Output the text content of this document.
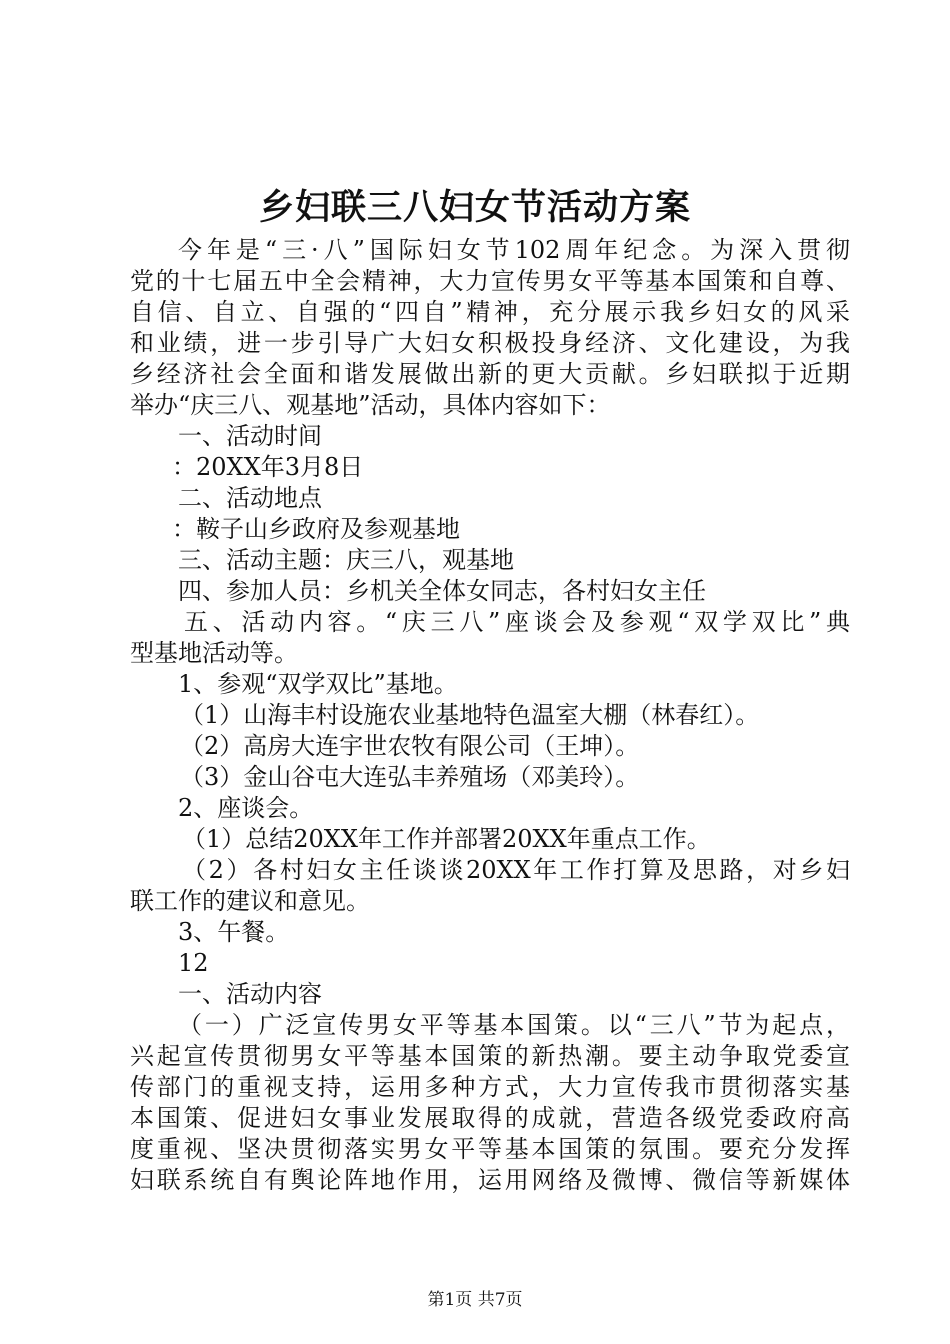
乡妇联三八妇女节活动方案
今年是“三·八”国际妇女节102周年纪念。为深入贯彻
党的十七届五中全会精神，大力宣传男女平等基本国策和自尊、
自信、自立、自强的“四自”精神，充分展示我乡妇女的风采
和业绩，进一步引导广大妇女积极投身经济、文化建设，为我
乡经济社会全面和谐发展做出新的更大贡献。乡妇联拟于近期
举办“庆三八、观基地”活动，具体内容如下：
一、活动时间
：20XX年3月8日
二、活动地点
：鞍子山乡政府及参观基地
三、活动主题：庆三八，观基地
四、参加人员：乡机关全体女同志，各村妇女主任
五、活动内容。“庆三八”座谈会及参观“双学双比”典
型基地活动等。
1、参观“双学双比”基地。
（1）山海丰村设施农业基地特色温室大棚（林春红）。
（2）高房大连宇世农牧有限公司（王坤）。
（3）金山谷屯大连弘丰养殖场（邓美玲）。
2、座谈会。
（1）总结20XX年工作并部署20XX年重点工作。
（2）各村妇女主任谈谈20XX年工作打算及思路，对乡妇
联工作的建议和意见。
3、午餐。
12
一、活动内容
（一）广泛宣传男女平等基本国策。以“三八”节为起点，
兴起宣传贯彻男女平等基本国策的新热潮。要主动争取党委宣
传部门的重视支持，运用多种方式，大力宣传我市贯彻落实基
本国策、促进妇女事业发展取得的成就，营造各级党委政府高
度重视、坚决贯彻落实男女平等基本国策的氛围。要充分发挥
妇联系统自有舆论阵地作用，运用网络及微博、微信等新媒体
第1页 共7页
